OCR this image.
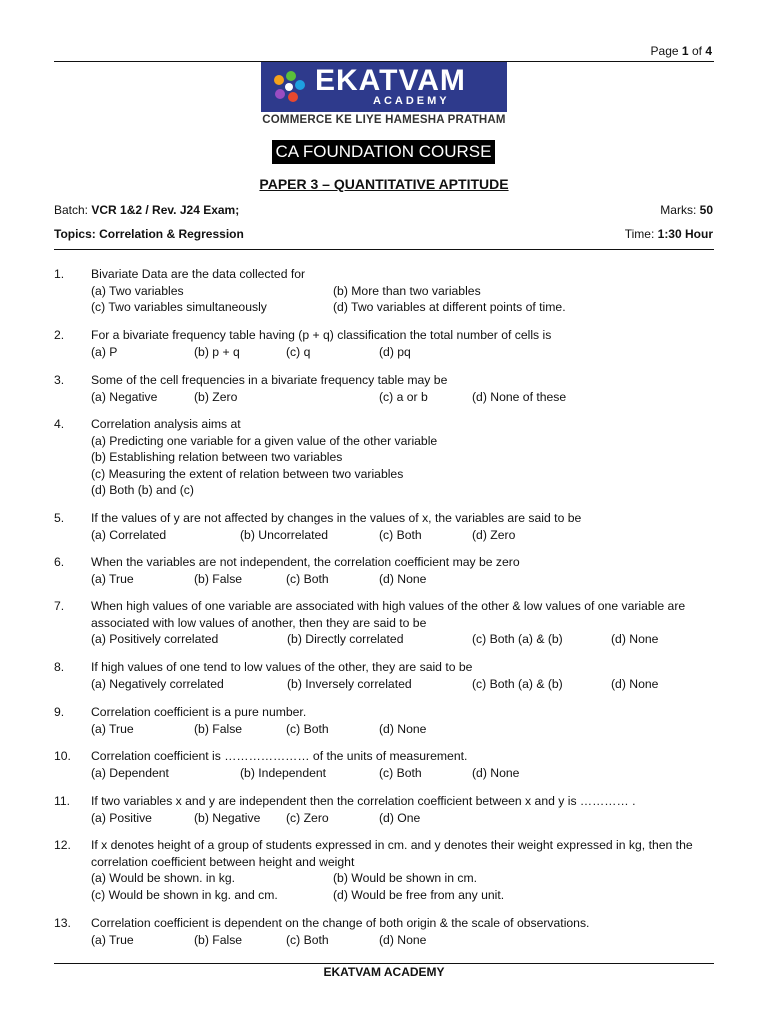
Page 1 of 4
EKATVAM
ACADEMY
COMMERCE KE LIYE HAMESHA PRATHAM
CA FOUNDATION COURSE
PAPER 3 – QUANTITATIVE APTITUDE
Batch: VCR 1&2 / Rev. J24 Exam;	Marks: 50
Topics: Correlation & Regression	Time: 1:30 Hour
1. Bivariate Data are the data collected for
(a) Two variables	(b) More than two variables
(c) Two variables simultaneously	(d) Two variables at different points of time.
2. For a bivariate frequency table having (p + q) classification the total number of cells is
(a) P	(b) p + q	(c) q	(d) pq
3. Some of the cell frequencies in a bivariate frequency table may be
(a) Negative	(b) Zero	(c) a or b	(d) None of these
4. Correlation analysis aims at
(a) Predicting one variable for a given value of the other variable
(b) Establishing relation between two variables
(c) Measuring the extent of relation between two variables
(d) Both (b) and (c)
5. If the values of y are not affected by changes in the values of x, the variables are said to be
(a) Correlated	(b) Uncorrelated	(c) Both	(d) Zero
6. When the variables are not independent, the correlation coefficient may be zero
(a) True	(b) False	(c) Both	(d) None
7. When high values of one variable are associated with high values of the other & low values of one variable are associated with low values of another, then they are said to be
(a) Positively correlated	(b) Directly correlated	(c) Both (a) & (b)	(d) None
8. If high values of one tend to low values of the other, they are said to be
(a) Negatively correlated	(b) Inversely correlated	(c) Both (a) & (b)	(d) None
9. Correlation coefficient is a pure number.
(a) True	(b) False	(c) Both	(d) None
10. Correlation coefficient is ………………… of the units of measurement.
(a) Dependent	(b) Independent	(c) Both	(d) None
11. If two variables x and y are independent then the correlation coefficient between x and y is ………… .
(a) Positive	(b) Negative (c) Zero	(d) One
12. If x denotes height of a group of students expressed in cm. and y denotes their weight expressed in kg, then the correlation coefficient between height and weight
(a) Would be shown. in kg.	(b) Would be shown in cm.
(c) Would be shown in kg. and cm.	(d) Would be free from any unit.
13. Correlation coefficient is dependent on the change of both origin & the scale of observations.
(a) True	(b) False	(c) Both	(d) None
EKATVAM ACADEMY
